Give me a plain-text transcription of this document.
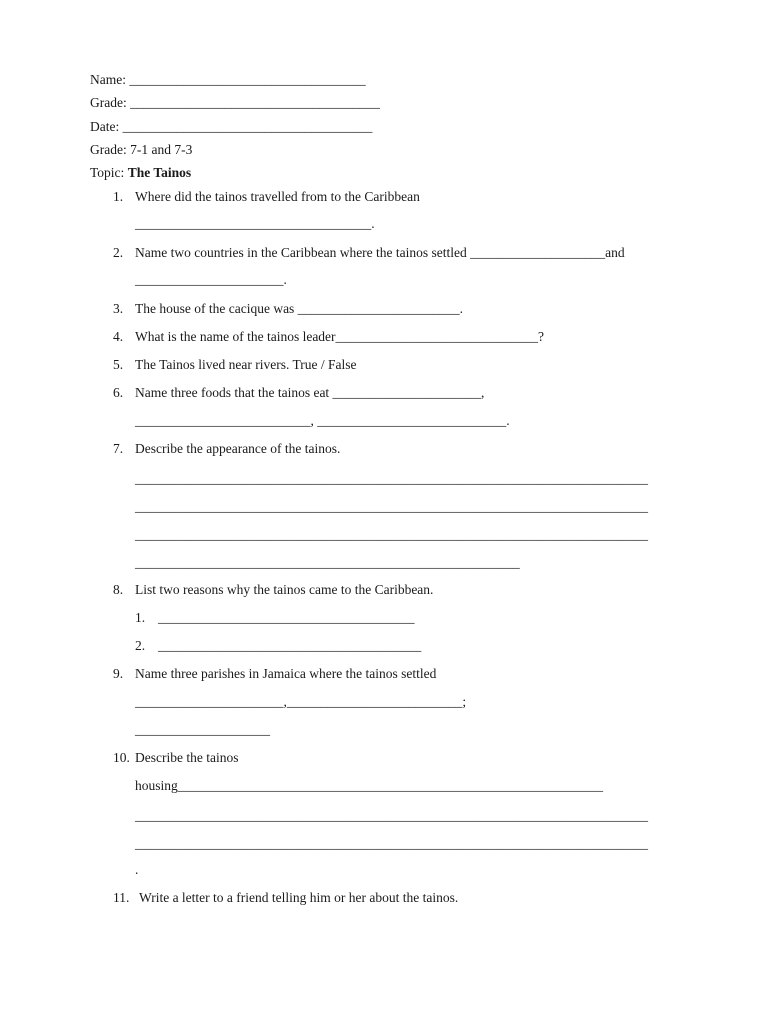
Name: ___________________________________
Grade: _____________________________________
Date: _____________________________________
Grade: 7-1 and 7-3
Topic: The Tainos
1. Where did the tainos travelled from to the Caribbean
___________________________________.
2. Name two countries in the Caribbean where the tainos settled ____________________and
______________________.
3. The house of the cacique was ________________________.
4. What is the name of the tainos leader______________________________?
5. The Tainos lived near rivers. True / False
6. Name three foods that the tainos eat ______________________,
__________________________, ____________________________.
7. Describe the appearance of the tainos.
____________________________________________________________________________
____________________________________________________________________________
____________________________________________________________________________
_________________________________________________________
8. List two reasons why the tainos came to the Caribbean.
1. ______________________________________
2. _______________________________________
9. Name three parishes in Jamaica where the tainos settled
______________________,__________________________;
____________________
10. Describe the tainos
housing_______________________________________________________________
____________________________________________________________________________
____________________________________________________________________________
.
11. Write a letter to a friend telling him or her about the tainos.
